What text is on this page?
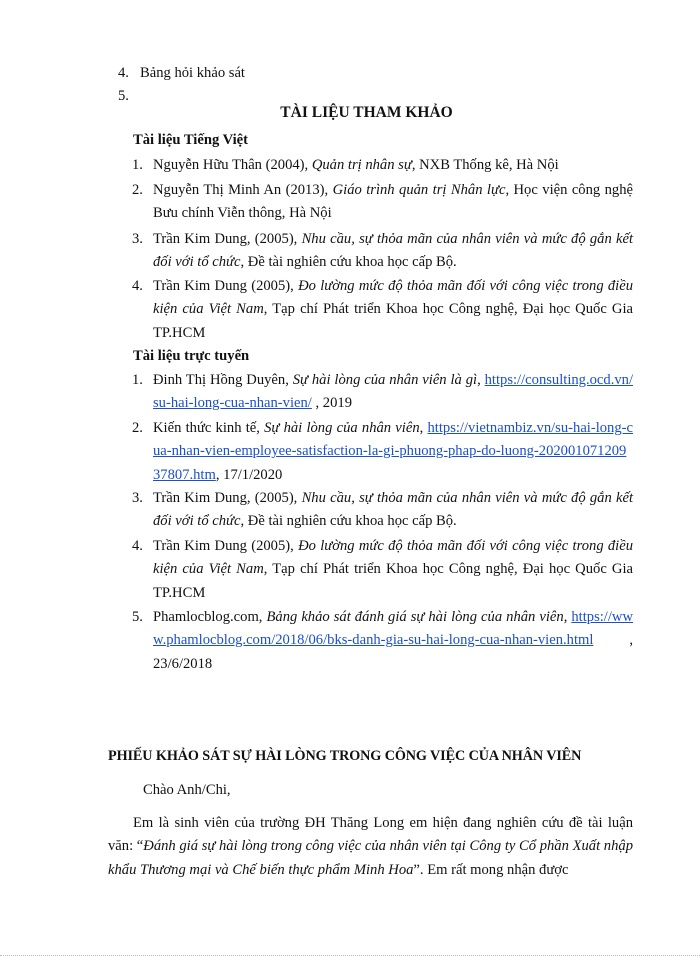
4. Bảng hỏi khảo sát
5.
TÀI LIỆU THAM KHẢO
Tài liệu Tiếng Việt
1. Nguyễn Hữu Thân (2004), Quản trị nhân sự, NXB Thống kê, Hà Nội
2. Nguyễn Thị Minh An (2013), Giáo trình quản trị Nhân lực, Học viện công nghệ Bưu chính Viễn thông, Hà Nội
3. Trần Kim Dung, (2005), Nhu cầu, sự thỏa mãn của nhân viên và mức độ gắn kết đối với tổ chức, Đề tài nghiên cứu khoa học cấp Bộ.
4. Trần Kim Dung (2005), Đo lường mức độ thỏa mãn đối với công việc trong điều kiện của Việt Nam, Tạp chí Phát triển Khoa học Công nghệ, Đại học Quốc Gia TP.HCM
Tài liệu trực tuyến
1. Đinh Thị Hồng Duyên, Sự hài lòng của nhân viên là gì, https://consulting.ocd.vn/su-hai-long-cua-nhan-vien/ , 2019
2. Kiến thức kinh tế, Sự hài lòng của nhân viên, https://vietnambiz.vn/su-hai-long-cua-nhan-vien-employee-satisfaction-la-gi-phuong-phap-do-luong-20200107120937807.htm, 17/1/2020
3. Trần Kim Dung, (2005), Nhu cầu, sự thỏa mãn của nhân viên và mức độ gắn kết đối với tổ chức, Đề tài nghiên cứu khoa học cấp Bộ.
4. Trần Kim Dung (2005), Đo lường mức độ thỏa mãn đối với công việc trong điều kiện của Việt Nam, Tạp chí Phát triển Khoa học Công nghệ, Đại học Quốc Gia TP.HCM
5. Phamlocblog.com, Bảng khảo sát đánh giá sự hài lòng của nhân viên, https://www.phamlocblog.com/2018/06/bks-danh-gia-su-hai-long-cua-nhan-vien.html , 23/6/2018
PHIẾU KHẢO SÁT SỰ HÀI LÒNG TRONG CÔNG VIỆC CỦA NHÂN VIÊN
Chào Anh/Chi,
Em là sinh viên của trường ĐH Thăng Long em hiện đang nghiên cứu đề tài luận văn: “Đánh giá sự hài lòng trong công việc của nhân viên tại Công ty Cổ phần Xuất nhập khẩu Thương mại và Chế biến thực phẩm Minh Hoa”. Em rất mong nhận được
